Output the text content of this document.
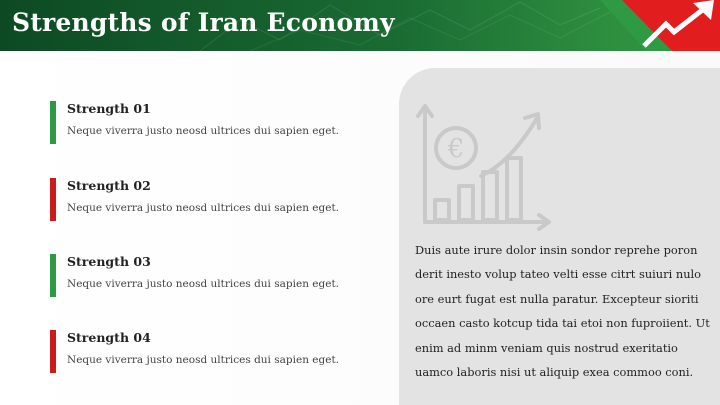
Strengths of Iran Economy
Strength 01
Neque viverra justo neosd ultrices dui sapien eget.
Strength 02
Neque viverra justo neosd ultrices dui sapien eget.
Strength 03
Neque viverra justo neosd ultrices dui sapien eget.
Strength 04
Neque viverra justo neosd ultrices dui sapien eget.
€
Duis aute irure dolor insin sondor reprehe poron derit inesto volup tateo velti esse citrt suiuri nulo ore eurt fugat est nulla paratur. Excepteur sioriti occaen casto kotcup tida tai etoi non fuproiient. Ut enim ad minm veniam quis nostrud exeritatio uamco laboris nisi ut aliquip exea commoo coni.
